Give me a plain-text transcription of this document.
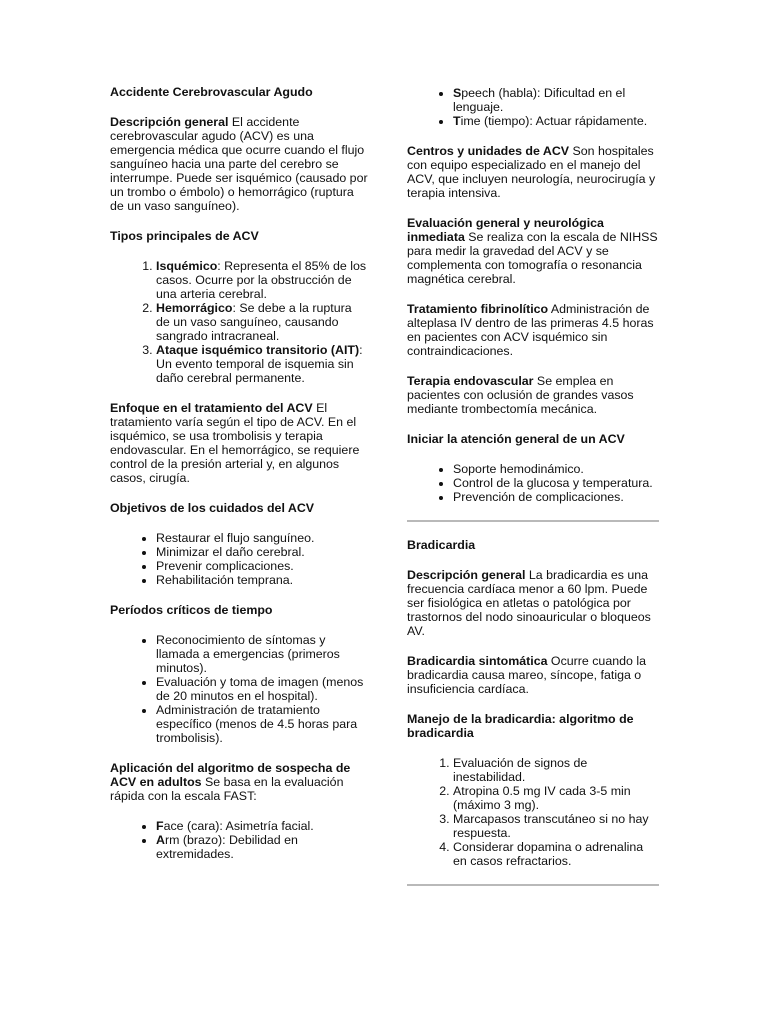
Accidente Cerebrovascular Agudo

Descripción general El accidente cerebrovascular agudo (ACV) es una emergencia médica que ocurre cuando el flujo sanguíneo hacia una parte del cerebro se interrumpe. Puede ser isquémico (causado por un trombo o émbolo) o hemorrágico (ruptura de un vaso sanguíneo).

Tipos principales de ACV
1. Isquémico: Representa el 85% de los casos. Ocurre por la obstrucción de una arteria cerebral.
2. Hemorrágico: Se debe a la ruptura de un vaso sanguíneo, causando sangrado intracraneal.
3. Ataque isquémico transitorio (AIT): Un evento temporal de isquemia sin daño cerebral permanente.

Enfoque en el tratamiento del ACV El tratamiento varía según el tipo de ACV. En el isquémico, se usa trombolisis y terapia endovascular. En el hemorrágico, se requiere control de la presión arterial y, en algunos casos, cirugía.

Objetivos de los cuidados del ACV
• Restaurar el flujo sanguíneo.
• Minimizar el daño cerebral.
• Prevenir complicaciones.
• Rehabilitación temprana.
Períodos críticos de tiempo
• Reconocimiento de síntomas y llamada a emergencias (primeros minutos).
• Evaluación y toma de imagen (menos de 20 minutos en el hospital).
• Administración de tratamiento específico (menos de 4.5 horas para trombolisis).

Aplicación del algoritmo de sospecha de ACV en adultos Se basa en la evaluación rápida con la escala FAST:

• Face (cara): Asimetría facial.
• Arm (brazo): Debilidad en extremidades.
• Speech (habla): Dificultad en el lenguaje.
• Time (tiempo): Actuar rápidamente.

Centros y unidades de ACV Son hospitales con equipo especializado en el manejo del ACV, que incluyen neurología, neurocirugía y terapia intensiva.

Evaluación general y neurológica inmediata Se realiza con la escala de NIHSS para medir la gravedad del ACV y se complementa con tomografía o resonancia magnética cerebral.

Tratamiento fibrinolítico Administración de alteplasa IV dentro de las primeras 4.5 horas en pacientes con ACV isquémico sin contraindicaciones.

Terapia endovascular Se emplea en pacientes con oclusión de grandes vasos mediante trombectomía mecánica.

Iniciar la atención general de un ACV
• Soporte hemodinámico.
• Control de la glucosa y temperatura.
• Prevención de complicaciones.
Bradicardia

Descripción general La bradicardia es una frecuencia cardíaca menor a 60 lpm. Puede ser fisiológica en atletas o patológica por trastornos del nodo sinoauricular o bloqueos AV.

Bradicardia sintomática Ocurre cuando la bradicardia causa mareo, síncope, fatiga o insuficiencia cardíaca.

Manejo de la bradicardia: algoritmo de bradicardia
1. Evaluación de signos de inestabilidad.
2. Atropina 0.5 mg IV cada 3-5 min (máximo 3 mg).
3. Marcapasos transcutáneo si no hay respuesta.
4. Considerar dopamina o adrenalina en casos refractarios.
